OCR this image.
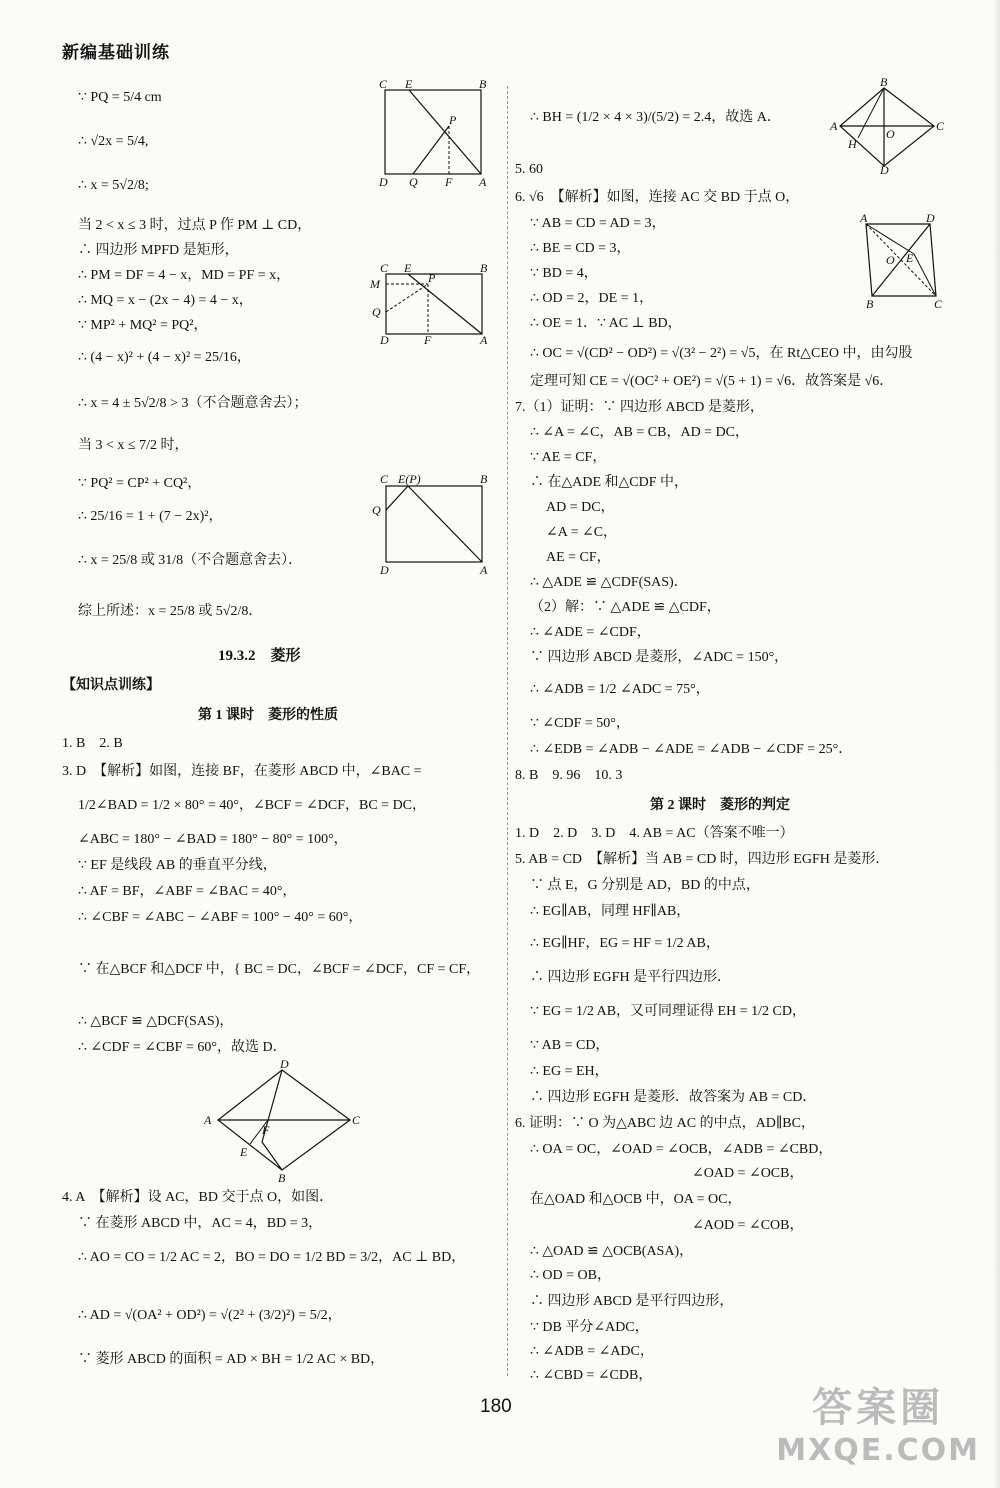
新编基础训练
∵ PQ = 5/4 cm
∴ √2x = 5/4,
∴ x = 5√2/8;
当 2 < x ≤ 3 时，过点 P 作 PM ⊥ CD，
∴ 四边形 MPFD 是矩形，
∴ PM = DF = 4 − x，MD = PF = x，
∴ MQ = x − (2x − 4) = 4 − x，
∵ MP² + MQ² = PQ²，
∴ (4 − x)² + (4 − x)² = 25/16，
∴ x = 4 ± 5√2/8 > 3（不合题意舍去）；
当 3 < x ≤ 7/2 时，
∵ PQ² = CP² + CQ²，
∴ 25/16 = 1 + (7 − 2x)²，
∴ x = 25/8 或 31/8（不合题意舍去）．
综上所述：x = 25/8 或 5√2/8．
19.3.2　菱形
【知识点训练】
第 1 课时　菱形的性质
1. B　2. B
3. D　【解析】如图，连接 BF，在菱形 ABCD 中，∠BAC =
1/2∠BAD = 1/2 × 80° = 40°，∠BCF = ∠DCF，BC = DC，
∠ABC = 180° − ∠BAD = 180° − 80° = 100°，
∵ EF 是线段 AB 的垂直平分线，
∴ AF = BF，∠ABF = ∠BAC = 40°，
∴ ∠CBF = ∠ABC − ∠ABF = 100° − 40° = 60°，
∵ 在△BCF 和△DCF 中，{ BC = DC，∠BCF = ∠DCF，CF = CF，
∴ △BCF ≌ △DCF(SAS)，
∴ ∠CDF = ∠CBF = 60°，故选 D．
4. A　【解析】设 AC，BD 交于点 O，如图．
∵ 在菱形 ABCD 中，AC = 4，BD = 3，
∴ AO = CO = 1/2 AC = 2，BO = DO = 1/2 BD = 3/2，AC ⊥ BD，
∴ AD = √(OA² + OD²) = √(2² + (3/2)²) = 5/2，
∵ 菱形 ABCD 的面积 = AD × BH = 1/2 AC × BD，
C E	B
P
D Q F A
C E	B
M	P
Q
D	F	A
C E(P)	B
Q
D	A
D
A
F
C
E
B
∴ BH = (1/2 × 4 × 3)/(5/2) = 2.4，故选 A．
5. 60
6. √6　【解析】如图，连接 AC 交 BD 于点 O，
∵ AB = CD = AD = 3，
∴ BE = CD = 3，
∵ BD = 4，
∴ OD = 2，DE = 1，
∴ OE = 1．∵ AC ⊥ BD，
∴ OC = √(CD² − OD²) = √(3² − 2²) = √5，在 Rt△CEO 中，由勾股
定理可知 CE = √(OC² + OE²) = √(5 + 1) = √6．故答案是 √6．
7.（1）证明：∵ 四边形 ABCD 是菱形，
∴ ∠A = ∠C，AB = CB，AD = DC，
∵ AE = CF，
∴ 在△ADE 和△CDF 中，
AD = DC，
∠A = ∠C，
AE = CF，
∴ △ADE ≌ △CDF(SAS)．
（2）解：∵ △ADE ≌ △CDF，
∴ ∠ADE = ∠CDF，
∵ 四边形 ABCD 是菱形，∠ADC = 150°，
∴ ∠ADB = 1/2 ∠ADC = 75°，
∵ ∠CDF = 50°，
∴ ∠EDB = ∠ADB − ∠ADE = ∠ADB − ∠CDF = 25°．
8. B　9. 96　10. 3
第 2 课时　菱形的判定
1. D　2. D　3. D　4. AB = AC（答案不唯一）
5. AB = CD　【解析】当 AB = CD 时，四边形 EGFH 是菱形．
∵ 点 E，G 分别是 AD，BD 的中点，
∴ EG∥AB，同理 HF∥AB，
∴ EG∥HF，EG = HF = 1/2 AB，
∴ 四边形 EGFH 是平行四边形．
∵ EG = 1/2 AB，又可同理证得 EH = 1/2 CD，
∵ AB = CD，
∴ EG = EH，
∴ 四边形 EGFH 是菱形．故答案为 AB = CD．
6. 证明：∵ O 为△ABC 边 AC 的中点，AD∥BC，
∴ OA = OC，∠OAD = ∠OCB，∠ADB = ∠CBD，
∠OAD = ∠OCB，
在△OAD 和△OCB 中，OA = OC，
∠AOD = ∠COB，
∴ △OAD ≌ △OCB(ASA)，
∴ OD = OB，
∴ 四边形 ABCD 是平行四边形，
∵ DB 平分∠ADC，
∴ ∠ADB = ∠ADC，
∴ ∠CBD = ∠CDB，
B
A
O
C
H
D
A	D
O E
B	C
180	答案圈
MXQE.COM
